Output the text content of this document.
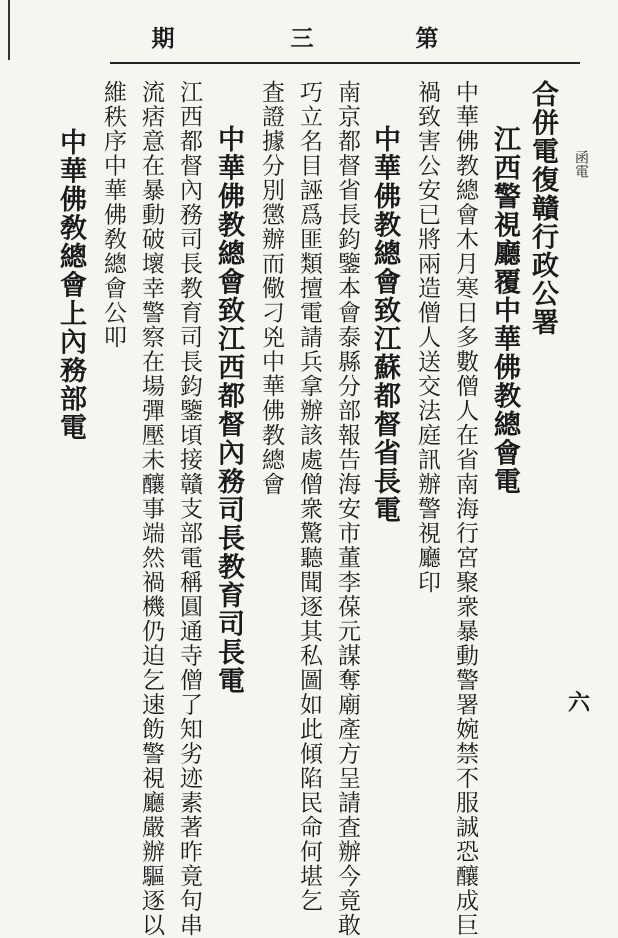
第
三
期
函電
六
合併電復贛行政公署
江西警視廳覆中華佛教總會電
中華佛教總會木月寒日多數僧人在省南海行宮聚衆暴動警署婉禁不服誠恐釀成巨
禍致害公安已將兩造僧人送交法庭訊辦警視廳印
中華佛教總會致江蘇都督省長電
南京都督省長鈞鑒本會泰縣分部報告海安市董李葆元謀奪廟產方呈請査辦今竟敢
巧立名目誣爲匪類擅電請兵拿辦該處僧衆驚聽聞逐其私圖如此傾陷民命何堪乞
査證據分別懲辦而儆刁兇中華佛教總會
中華佛教總會致江西都督內務司長教育司長電
江西都督內務司長教育司長鈞鑒頃接贛支部電稱圓通寺僧了知劣迹素著昨竟句串
流痞意在暴動破壞幸警察在場彈壓未釀事端然禍機仍迫乞速飭警視廳嚴辦驅逐以
維秩序中華佛敎總會公叩
中華佛敎總會上內務部電
